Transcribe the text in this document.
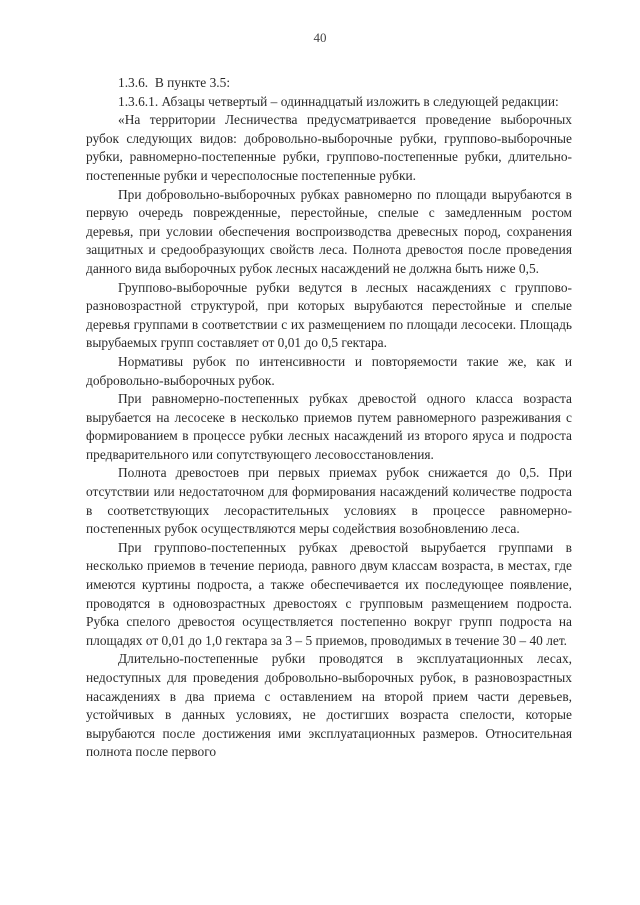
40

1.3.6.  В пункте 3.5:

1.3.6.1. Абзацы четвертый – одиннадцатый изложить в следующей редакции:

«На территории Лесничества предусматривается проведение выборочных рубок следующих видов: добровольно-выборочные рубки, группово-выборочные рубки, равномерно-постепенные рубки, группово-постепенные рубки, длительно-постепенные рубки и чересполосные постепенные рубки.

При добровольно-выборочных рубках равномерно по площади вырубаются в первую очередь поврежденные, перестойные, спелые с замедленным ростом деревья, при условии обеспечения воспроизводства древесных пород, сохранения защитных и средообразующих свойств леса. Полнота древостоя после проведения данного вида выборочных рубок лесных насаждений не должна быть ниже 0,5.

Группово-выборочные рубки ведутся в лесных насаждениях с группово-разновозрастной структурой, при которых вырубаются перестойные и спелые деревья группами в соответствии с их размещением по площади лесосеки. Площадь вырубаемых групп составляет от 0,01 до 0,5 гектара.

Нормативы рубок по интенсивности и повторяемости такие же, как и добровольно-выборочных рубок.

При равномерно-постепенных рубках древостой одного класса возраста вырубается на лесосеке в несколько приемов путем равномерного разреживания с формированием в процессе рубки лесных насаждений из второго яруса и подроста предварительного или сопутствующего лесовосстановления.

Полнота древостоев при первых приемах рубок снижается до 0,5. При отсутствии или недостаточном для формирования насаждений количестве подроста в соответствующих лесорастительных условиях в процессе равномерно-постепенных рубок осуществляются меры содействия возобновлению леса.

При группово-постепенных рубках древостой вырубается группами в несколько приемов в течение периода, равного двум классам возраста, в местах, где имеются куртины подроста, а также обеспечивается их последующее появление, проводятся в одновозрастных древостоях с групповым размещением подроста. Рубка спелого древостоя осуществляется постепенно вокруг групп подроста на площадях от 0,01 до 1,0 гектара за 3 – 5 приемов, проводимых в течение 30 – 40 лет.

Длительно-постепенные рубки проводятся в эксплуатационных лесах, недоступных для проведения добровольно-выборочных рубок, в разновозрастных насаждениях в два приема с оставлением на второй прием части деревьев, устойчивых в данных условиях, не достигших возраста спелости, которые вырубаются после достижения ими эксплуатационных размеров. Относительная полнота после первого
